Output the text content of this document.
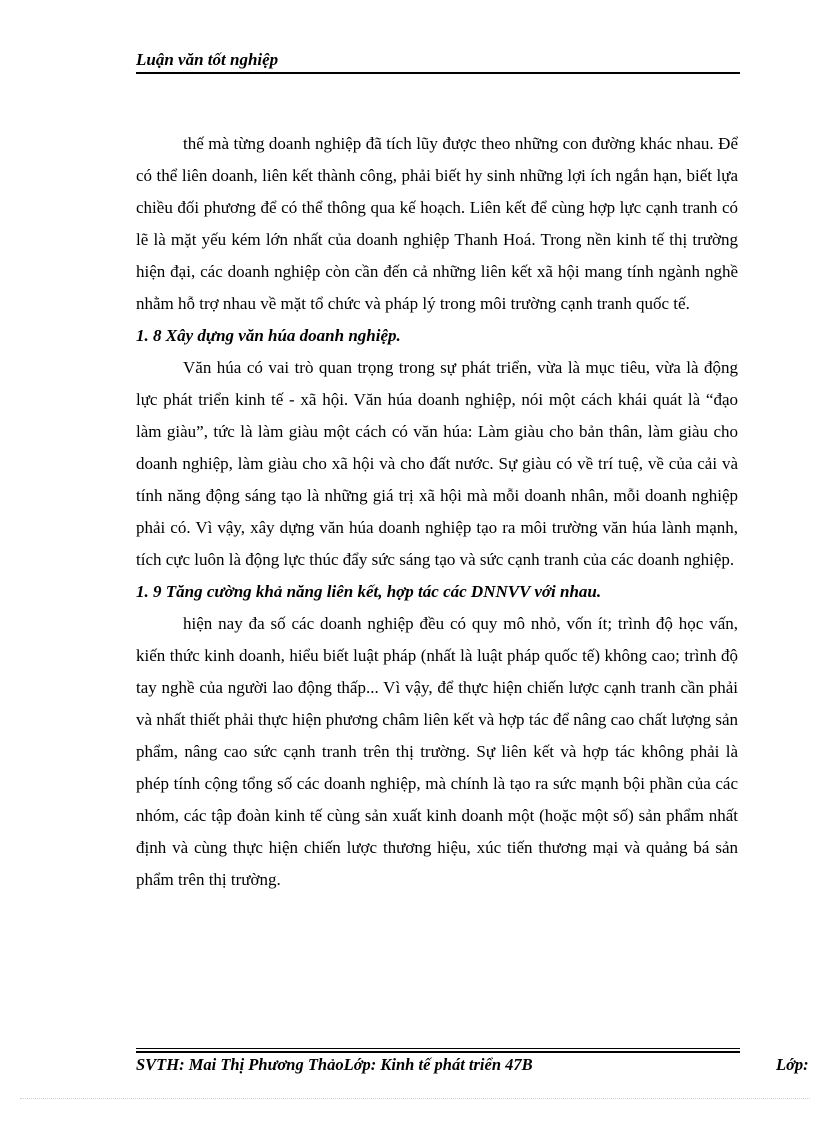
Luận văn tốt nghiệp

thế mà từng doanh nghiệp đã tích lũy được theo những con đường khác nhau. Để có thể liên doanh, liên kết thành công, phải biết hy sinh những lợi ích ngắn hạn, biết lựa chiều đối phương để có thể thông qua kế hoạch. Liên kết để cùng hợp lực cạnh tranh có lẽ là mặt yếu kém lớn nhất của doanh nghiệp Thanh Hoá. Trong nền kinh tế thị trường hiện đại, các doanh nghiệp còn cần đến cả những liên kết xã hội mang tính ngành nghề nhằm hỗ trợ nhau về mặt tổ chức và pháp lý trong môi trường cạnh tranh quốc tế.

1. 8 Xây dựng văn húa doanh nghiệp.

Văn húa có vai trò quan trọng trong sự phát triển, vừa là mục tiêu, vừa là động lực phát triển kinh tế - xã hội. Văn húa doanh nghiệp, nói một cách khái quát là “đạo làm giàu”, tức là làm giàu một cách có văn húa: Làm giàu cho bản thân, làm giàu cho doanh nghiệp, làm giàu cho xã hội và cho đất nước. Sự giàu có về trí tuệ, về của cải và tính năng động sáng tạo là những giá trị xã hội mà mỗi doanh nhân, mỗi doanh nghiệp phải có. Vì vậy, xây dựng văn húa doanh nghiệp tạo ra môi trường văn húa lành mạnh, tích cực luôn là động lực thúc đẩy sức sáng tạo và sức cạnh tranh của các doanh nghiệp.

1. 9 Tăng cường khả năng liên kết, hợp tác các DNNVV với nhau.

hiện nay đa số các doanh nghiệp đều có quy mô nhỏ, vốn ít; trình độ học vấn, kiến thức kinh doanh, hiểu biết luật pháp (nhất là luật pháp quốc tế) không cao; trình độ tay nghề của người lao động thấp... Vì vậy, để thực hiện chiến lược cạnh tranh cần phải và nhất thiết phải thực hiện phương châm liên kết và hợp tác để nâng cao chất lượng sản phẩm, nâng cao sức cạnh tranh trên thị trường. Sự liên kết và hợp tác không phải là phép tính cộng tổng số các doanh nghiệp, mà chính là tạo ra sức mạnh bội phần của các nhóm, các tập đoàn kinh tế cùng sản xuất kinh doanh một (hoặc một số) sản phẩm nhất định và cùng thực hiện chiến lược thương hiệu, xúc tiến thương mại và quảng bá sản phẩm trên thị trường.

SVTH: Mai Thị Phương ThảoLớp: Kinh tế phát triển 47B	Lớp:
